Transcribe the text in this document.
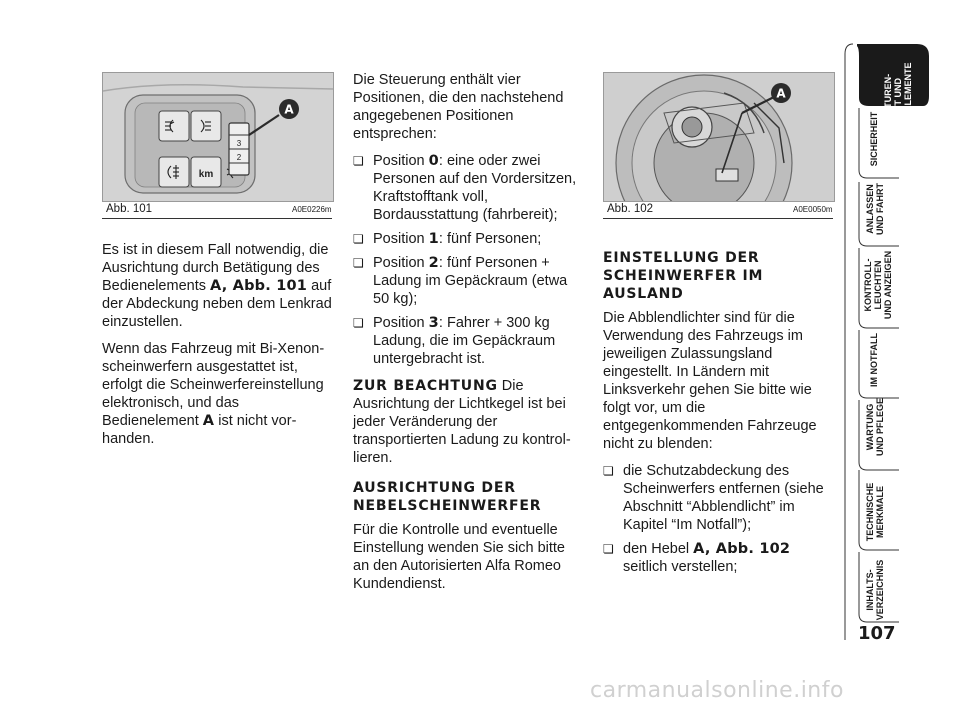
km
3
2
A
Abb. 101	A0E0226m

Es ist in diesem Fall notwendig, die Ausrichtung durch Betätigung des Bedienelements A, Abb. 101 auf der Abdeckung neben dem Lenkrad einzustellen.

Wenn das Fahrzeug mit Bi-Xenon-scheinwerfern ausgestattet ist, erfolgt die Scheinwerfereinstellung elektronisch, und das Bedienelement A ist nicht vorhanden.

Die Steuerung enthält vier Positionen, die den nachstehend angegebenen Positionen entsprechen:

❏ Position 0: eine oder zwei Personen auf den Vordersitzen, Kraftstofftank voll, Bordausstattung (fahrbereit);
❏ Position 1: fünf Personen;
❏ Position 2: fünf Personen + Ladung im Gepäckraum (etwa 50 kg);
❏ Position 3: Fahrer + 300 kg Ladung, die im Gepäckraum untergebracht ist.

ZUR BEACHTUNG Die Ausrichtung der Lichtkegel ist bei jeder Veränderung der transportierten Ladung zu kontrollieren.

AUSRICHTUNG DER NEBELSCHEINWERFER

Für die Kontrolle und eventuelle Einstellung wenden Sie sich bitte an den Autorisierten Alfa Romeo Kundendienst.

A
Abb. 102	A0E0050m

EINSTELLUNG DER SCHEINWERFER IM AUSLAND

Die Abblendlichter sind für die Verwendung des Fahrzeugs im jeweiligen Zulassungsland eingestellt. In Ländern mit Linksverkehr gehen Sie bitte wie folgt vor, um die entgegenkommenden Fahrzeuge nicht zu blenden:

❏ die Schutzabdeckung des Scheinwerfers entfernen (siehe Abschnitt “Abblendlicht” im Kapitel “Im Notfall”);
❏ den Hebel A, Abb. 102 seitlich verstellen;
ARMATUREN-
BRETT UND
BEDIENELEMENTE
SICHERHEIT
ANLASSEN
UND FAHRT
KONTROLL-
LEUCHTEN
UND ANZEIGEN
IM NOTFALL
WARTUNG
UND PFLEGE
TECHNISCHE
MERKMALE
INHALTS-
VERZEICHNIS
107
carmanualsonline.info
